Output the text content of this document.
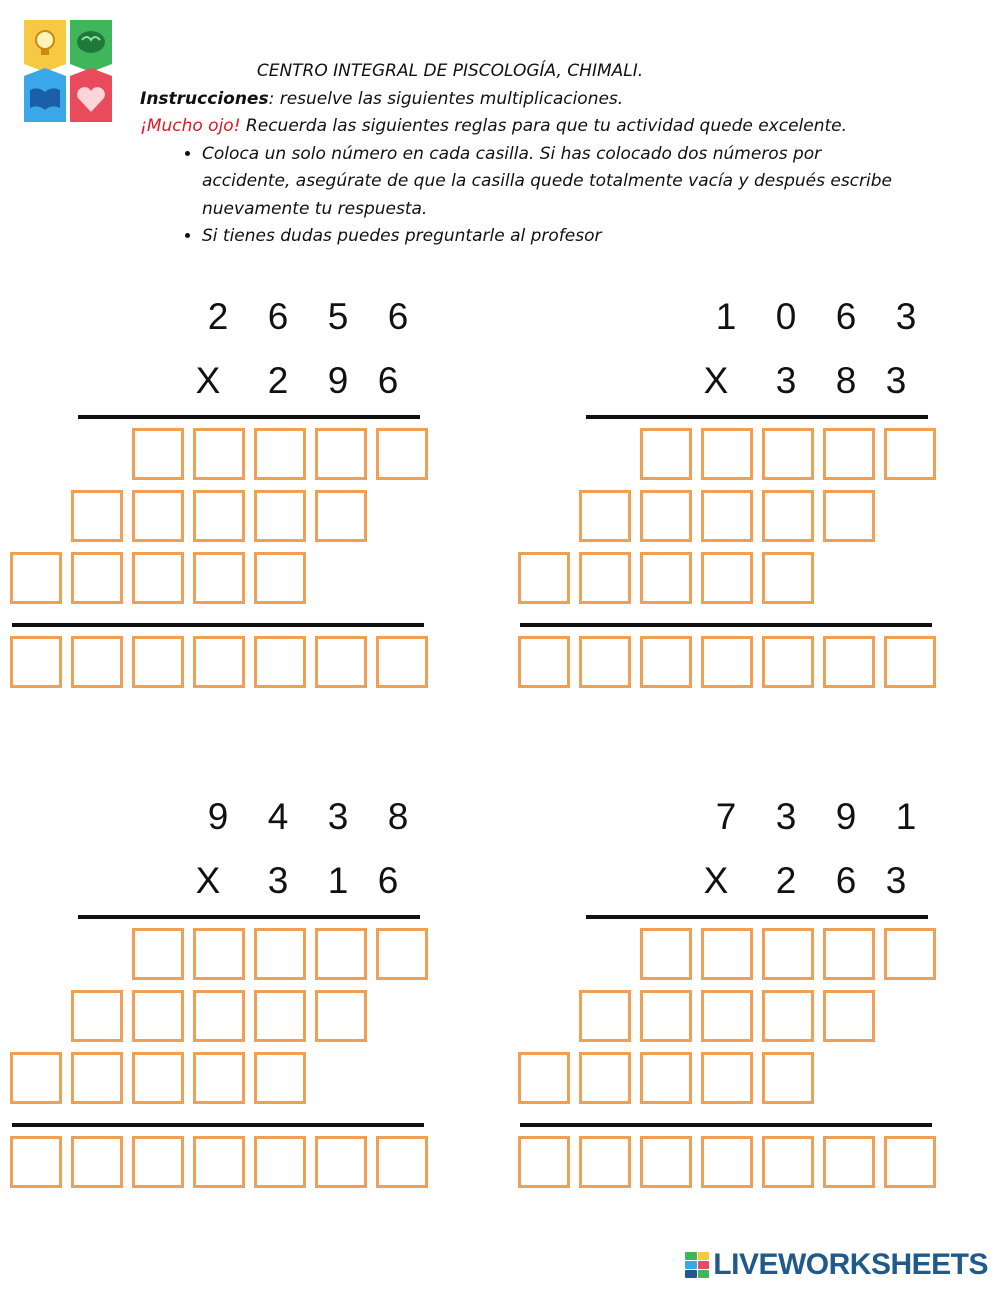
CENTRO INTEGRAL DE PISCOLOGÍA, CHIMALI.
Instrucciones: resuelve las siguientes multiplicaciones.
¡Mucho ojo! Recuerda las siguientes reglas para que tu actividad quede excelente.
• Coloca un solo número en cada casilla. Si has colocado dos números por accidente, asegúrate de que la casilla quede totalmente vacía y después escribe nuevamente tu respuesta.
• Si tienes dudas puedes preguntarle al profesor
2 6 5 6
X 2 9 6
1 0 6 3
X 3 8 3
9 4 3 8
X 3 1 6
7 3 9 1
X 2 6 3
LIVEWORKSHEETS
